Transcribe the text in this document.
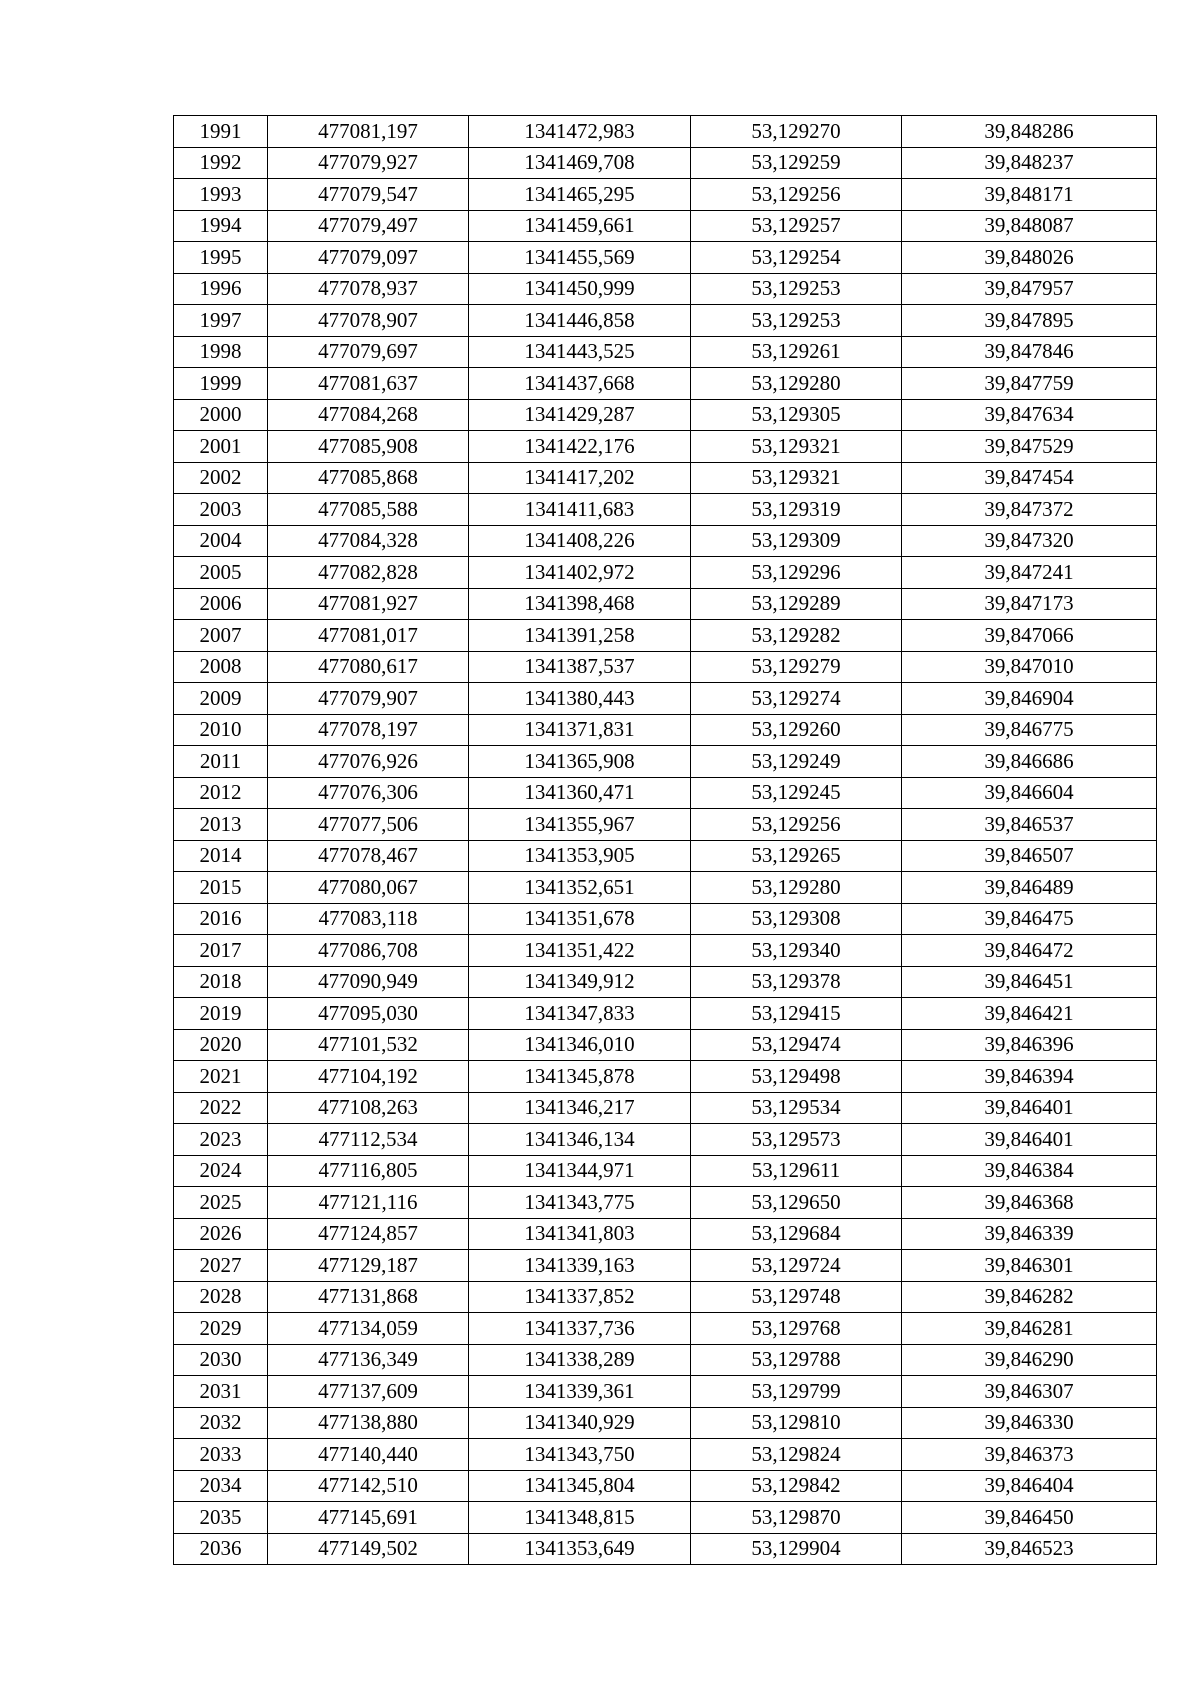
1991	477081,197	1341472,983	53,129270	39,848286
1992	477079,927	1341469,708	53,129259	39,848237
1993	477079,547	1341465,295	53,129256	39,848171
1994	477079,497	1341459,661	53,129257	39,848087
1995	477079,097	1341455,569	53,129254	39,848026
1996	477078,937	1341450,999	53,129253	39,847957
1997	477078,907	1341446,858	53,129253	39,847895
1998	477079,697	1341443,525	53,129261	39,847846
1999	477081,637	1341437,668	53,129280	39,847759
2000	477084,268	1341429,287	53,129305	39,847634
2001	477085,908	1341422,176	53,129321	39,847529
2002	477085,868	1341417,202	53,129321	39,847454
2003	477085,588	1341411,683	53,129319	39,847372
2004	477084,328	1341408,226	53,129309	39,847320
2005	477082,828	1341402,972	53,129296	39,847241
2006	477081,927	1341398,468	53,129289	39,847173
2007	477081,017	1341391,258	53,129282	39,847066
2008	477080,617	1341387,537	53,129279	39,847010
2009	477079,907	1341380,443	53,129274	39,846904
2010	477078,197	1341371,831	53,129260	39,846775
2011	477076,926	1341365,908	53,129249	39,846686
2012	477076,306	1341360,471	53,129245	39,846604
2013	477077,506	1341355,967	53,129256	39,846537
2014	477078,467	1341353,905	53,129265	39,846507
2015	477080,067	1341352,651	53,129280	39,846489
2016	477083,118	1341351,678	53,129308	39,846475
2017	477086,708	1341351,422	53,129340	39,846472
2018	477090,949	1341349,912	53,129378	39,846451
2019	477095,030	1341347,833	53,129415	39,846421
2020	477101,532	1341346,010	53,129474	39,846396
2021	477104,192	1341345,878	53,129498	39,846394
2022	477108,263	1341346,217	53,129534	39,846401
2023	477112,534	1341346,134	53,129573	39,846401
2024	477116,805	1341344,971	53,129611	39,846384
2025	477121,116	1341343,775	53,129650	39,846368
2026	477124,857	1341341,803	53,129684	39,846339
2027	477129,187	1341339,163	53,129724	39,846301
2028	477131,868	1341337,852	53,129748	39,846282
2029	477134,059	1341337,736	53,129768	39,846281
2030	477136,349	1341338,289	53,129788	39,846290
2031	477137,609	1341339,361	53,129799	39,846307
2032	477138,880	1341340,929	53,129810	39,846330
2033	477140,440	1341343,750	53,129824	39,846373
2034	477142,510	1341345,804	53,129842	39,846404
2035	477145,691	1341348,815	53,129870	39,846450
2036	477149,502	1341353,649	53,129904	39,846523
